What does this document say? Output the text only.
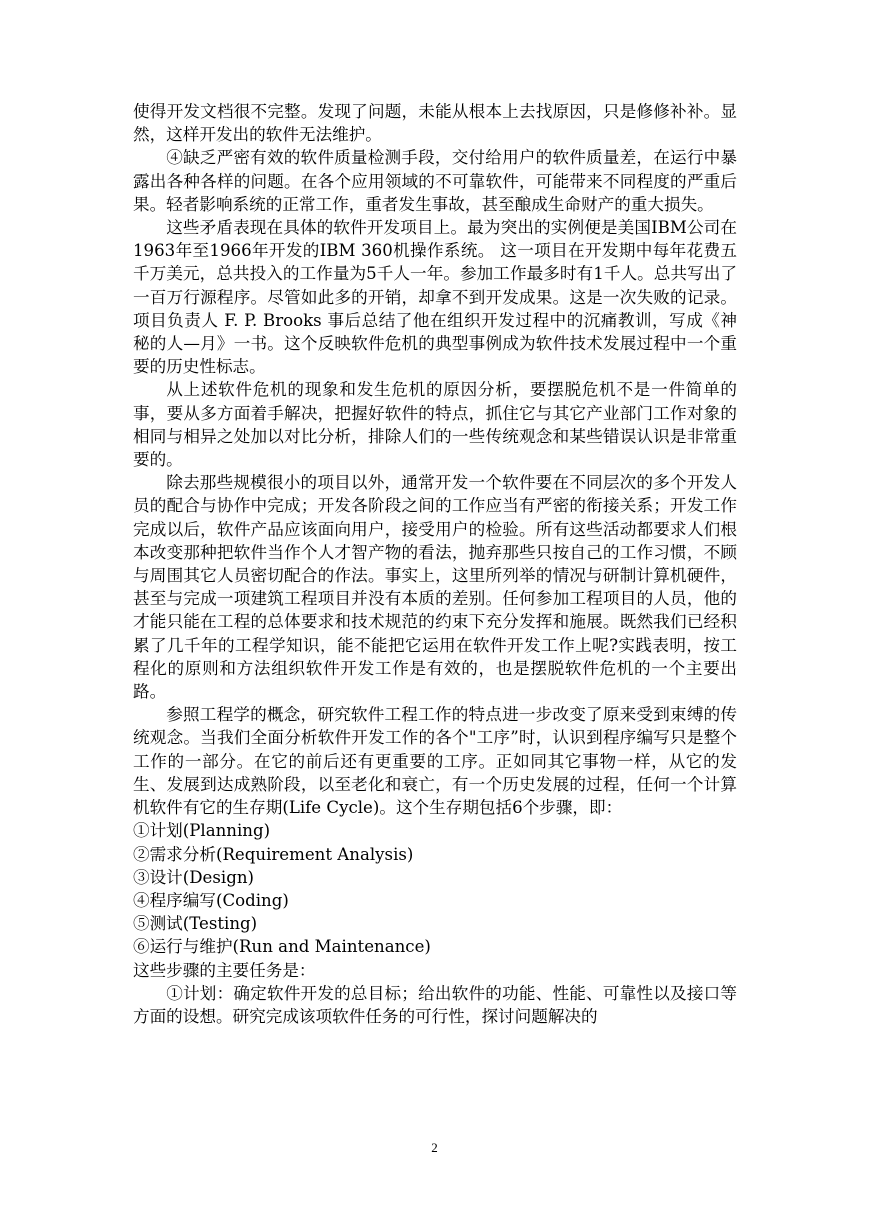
使得开发文档很不完整。发现了问题，未能从根本上去找原因，只是修修补补。显然，这样开发出的软件无法维护。

④缺乏严密有效的软件质量检测手段，交付给用户的软件质量差，在运行中暴露出各种各样的问题。在各个应用领域的不可靠软件，可能带来不同程度的严重后果。轻者影响系统的正常工作，重者发生事故，甚至酿成生命财产的重大损失。

这些矛盾表现在具体的软件开发项目上。最为突出的实例便是美国IBM公司在1963年至1966年开发的IBM 360机操作系统。 这一项目在开发期中每年花费五千万美元，总共投入的工作量为5千人一年。参加工作最多时有1千人。总共写出了一百万行源程序。尽管如此多的开销，却拿不到开发成果。这是一次失败的记录。项目负责人 F. P. Brooks 事后总结了他在组织开发过程中的沉痛教训，写成《神秘的人—月》一书。这个反映软件危机的典型事例成为软件技术发展过程中一个重要的历史性标志。

从上述软件危机的现象和发生危机的原因分析，要摆脱危机不是一件简单的事，要从多方面着手解决，把握好软件的特点，抓住它与其它产业部门工作对象的相同与相异之处加以对比分析，排除人们的一些传统观念和某些错误认识是非常重要的。

除去那些规模很小的项目以外，通常开发一个软件要在不同层次的多个开发人员的配合与协作中完成；开发各阶段之间的工作应当有严密的衔接关系；开发工作完成以后，软件产品应该面向用户，接受用户的检验。所有这些活动都要求人们根本改变那种把软件当作个人才智产物的看法，抛弃那些只按自己的工作习惯，不顾与周围其它人员密切配合的作法。事实上，这里所列举的情况与研制计算机硬件，甚至与完成一项建筑工程项目并没有本质的差别。任何参加工程项目的人员，他的才能只能在工程的总体要求和技术规范的约束下充分发挥和施展。既然我们已经积累了几千年的工程学知识，能不能把它运用在软件开发工作上呢?实践表明，按工程化的原则和方法组织软件开发工作是有效的，也是摆脱软件危机的一个主要出路。

参照工程学的概念，研究软件工程工作的特点进一步改变了原来受到束缚的传统观念。当我们全面分析软件开发工作的各个"工序”时，认识到程序编写只是整个工作的一部分。在它的前后还有更重要的工序。正如同其它事物一样，从它的发生、发展到达成熟阶段，以至老化和衰亡，有一个历史发展的过程，任何一个计算机软件有它的生存期(Life Cycle)。这个生存期包括6个步骤，即：

①计划(Planning)

②需求分析(Requirement Analysis)

③设计(Design)

④程序编写(Coding)

⑤测试(Testing)

⑥运行与维护(Run and Maintenance)

这些步骤的主要任务是：

①计划：确定软件开发的总目标；给出软件的功能、性能、可靠性以及接口等方面的设想。研究完成该项软件任务的可行性，探讨问题解决的

2
